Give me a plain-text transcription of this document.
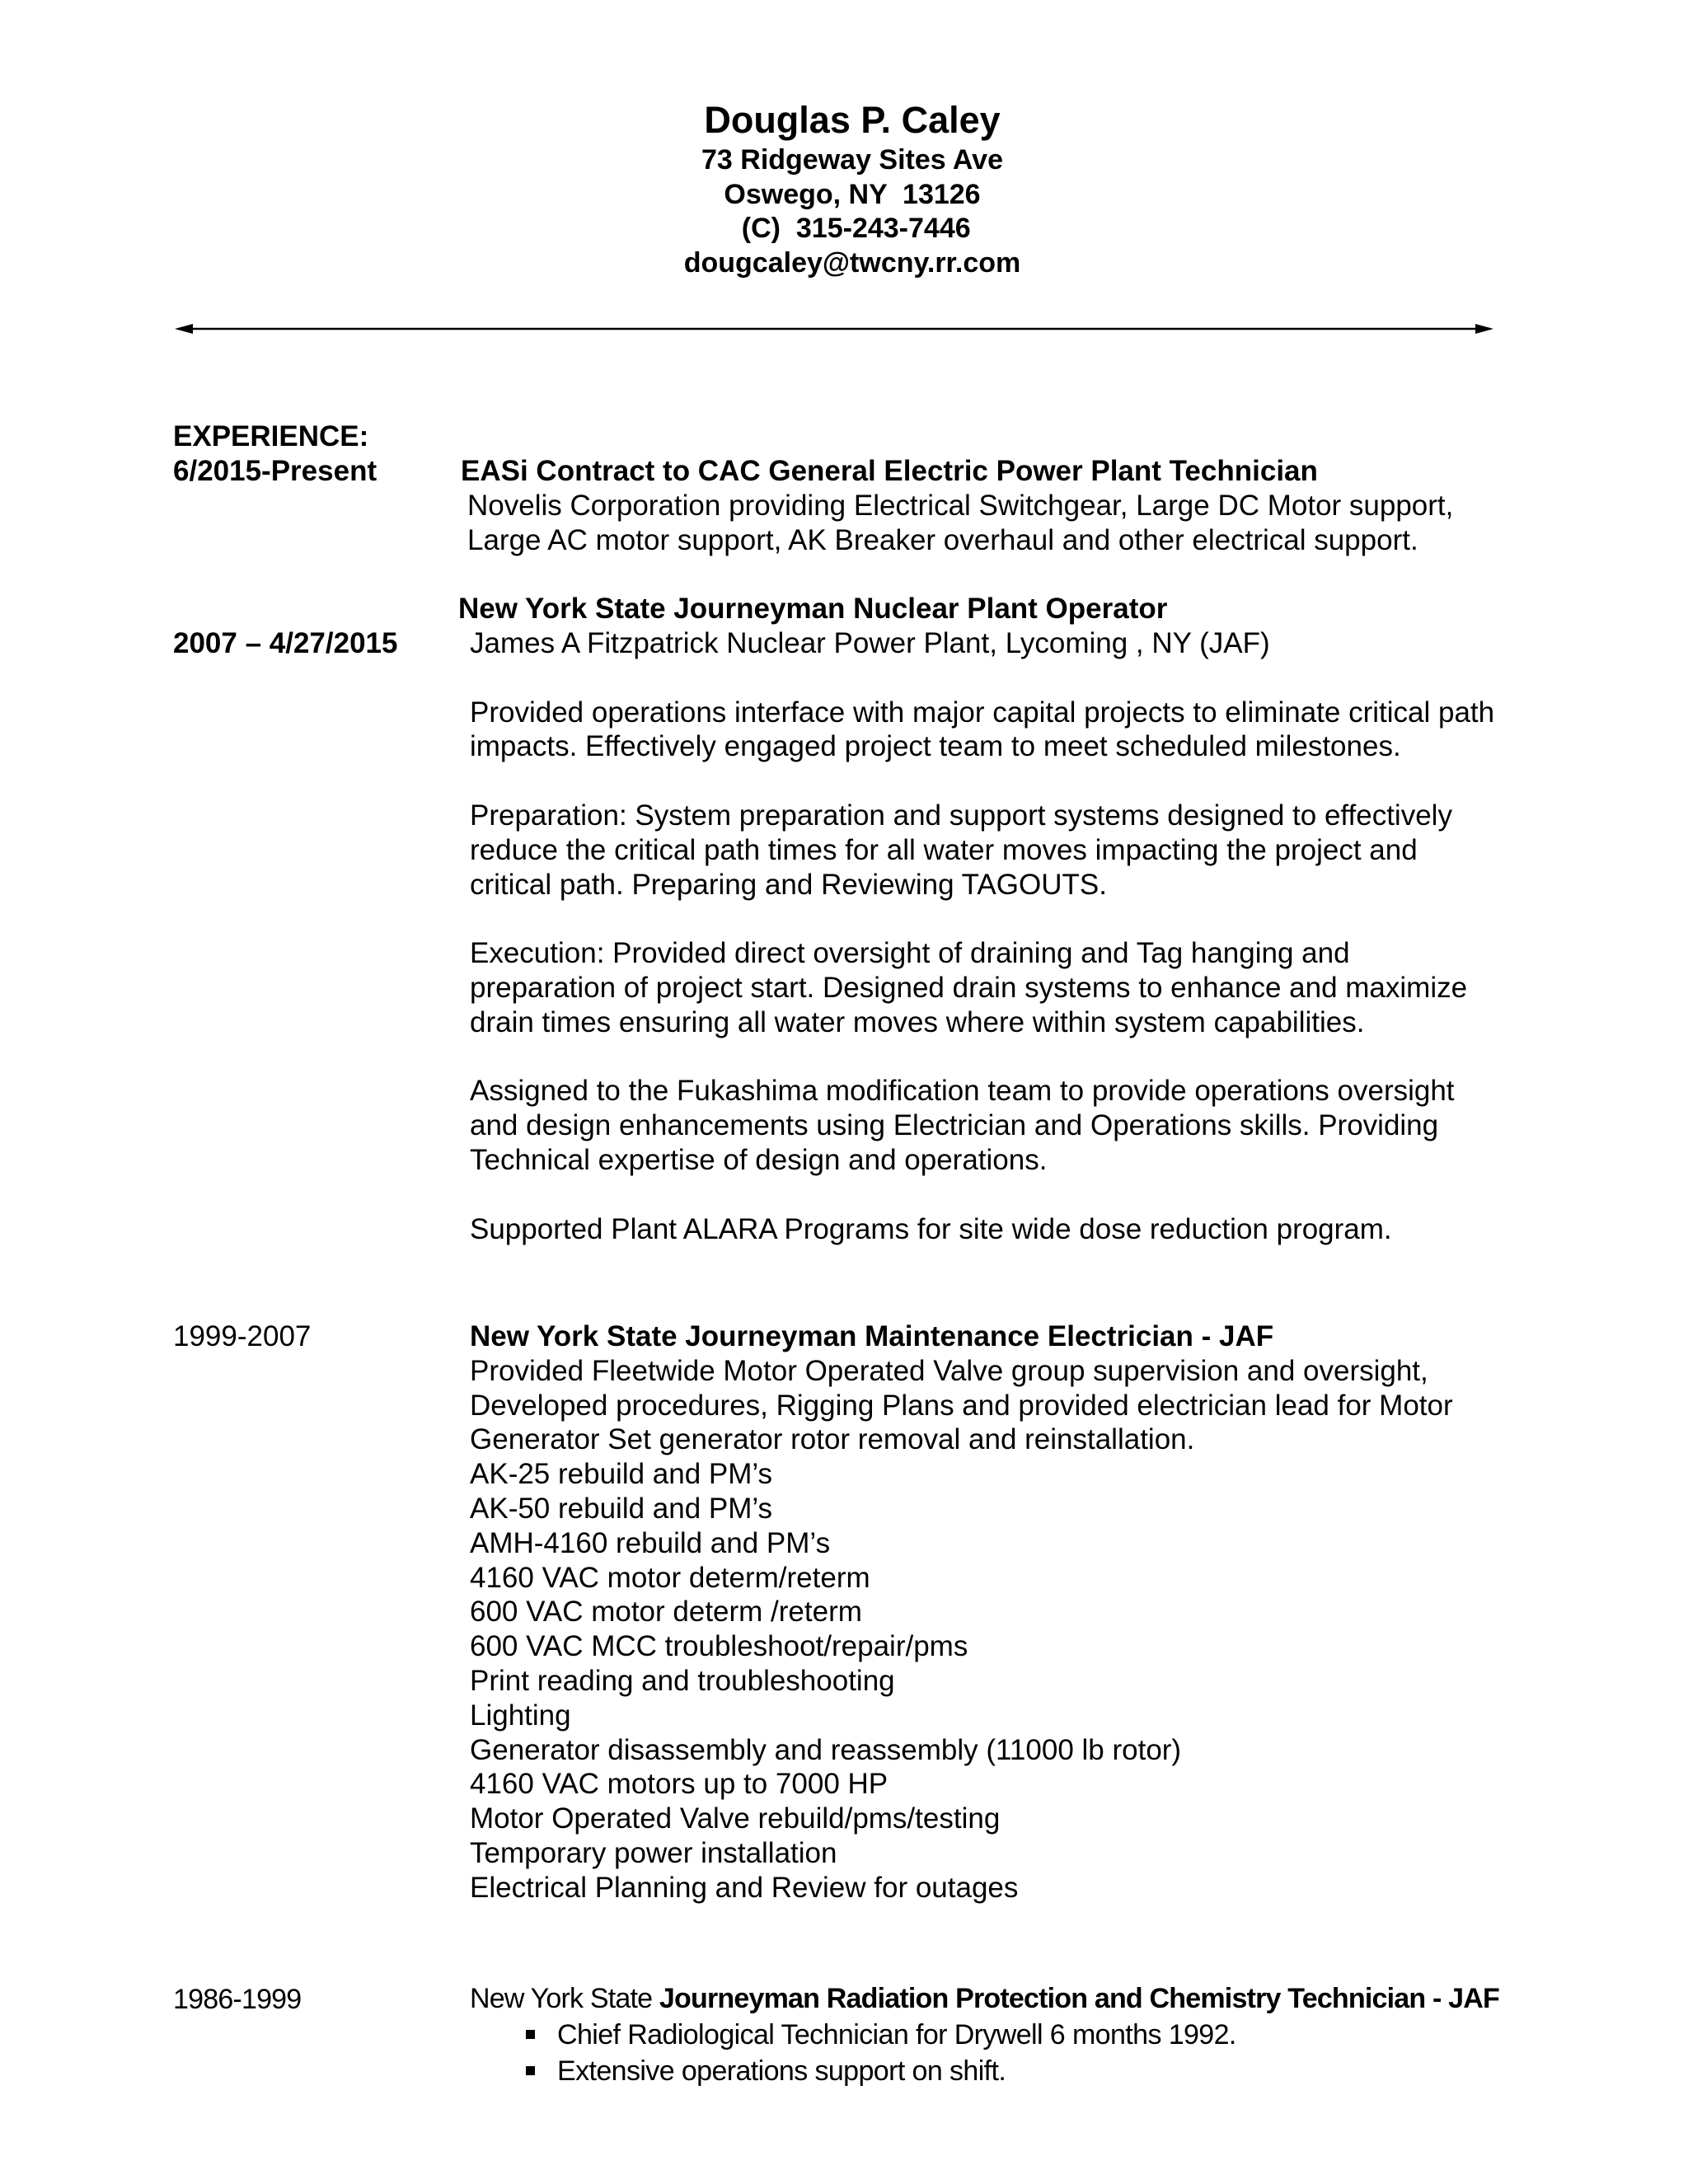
Douglas P. Caley
73 Ridgeway Sites Ave
Oswego, NY  13126
(C)  315-243-7446
dougcaley@twcny.rr.com
EXPERIENCE:
6/2015-Present	EASi Contract to CAC General Electric Power Plant Technician
Novelis Corporation providing Electrical Switchgear, Large DC Motor support,
Large AC motor support, AK Breaker overhaul and other electrical support.
New York State Journeyman Nuclear Plant Operator
2007 – 4/27/2015	James A Fitzpatrick Nuclear Power Plant, Lycoming , NY (JAF)
Provided operations interface with major capital projects to eliminate critical path
impacts. Effectively engaged project team to meet scheduled milestones.
Preparation: System preparation and support systems designed to effectively
reduce the critical path times for all water moves impacting the project and
critical path. Preparing and Reviewing TAGOUTS.
Execution: Provided direct oversight of draining and Tag hanging and
preparation of project start. Designed drain systems to enhance and maximize
drain times ensuring all water moves where within system capabilities.
Assigned to the Fukashima modification team to provide operations oversight
and design enhancements using Electrician and Operations skills. Providing
Technical expertise of design and operations.
Supported Plant ALARA Programs for site wide dose reduction program.
1999-2007	New York State Journeyman Maintenance Electrician - JAF
Provided Fleetwide Motor Operated Valve group supervision and oversight,
Developed procedures, Rigging Plans and provided electrician lead for Motor
Generator Set generator rotor removal and reinstallation.
AK-25 rebuild and PM’s
AK-50 rebuild and PM’s
AMH-4160 rebuild and PM’s
4160 VAC motor determ/reterm
600 VAC motor determ /reterm
600 VAC MCC troubleshoot/repair/pms
Print reading and troubleshooting
Lighting
Generator disassembly and reassembly (11000 lb rotor)
4160 VAC motors up to 7000 HP
Motor Operated Valve rebuild/pms/testing
Temporary power installation
Electrical Planning and Review for outages
1986-1999	New York State Journeyman Radiation Protection and Chemistry Technician - JAF
Chief Radiological Technician for Drywell 6 months 1992.
Extensive operations support on shift.
